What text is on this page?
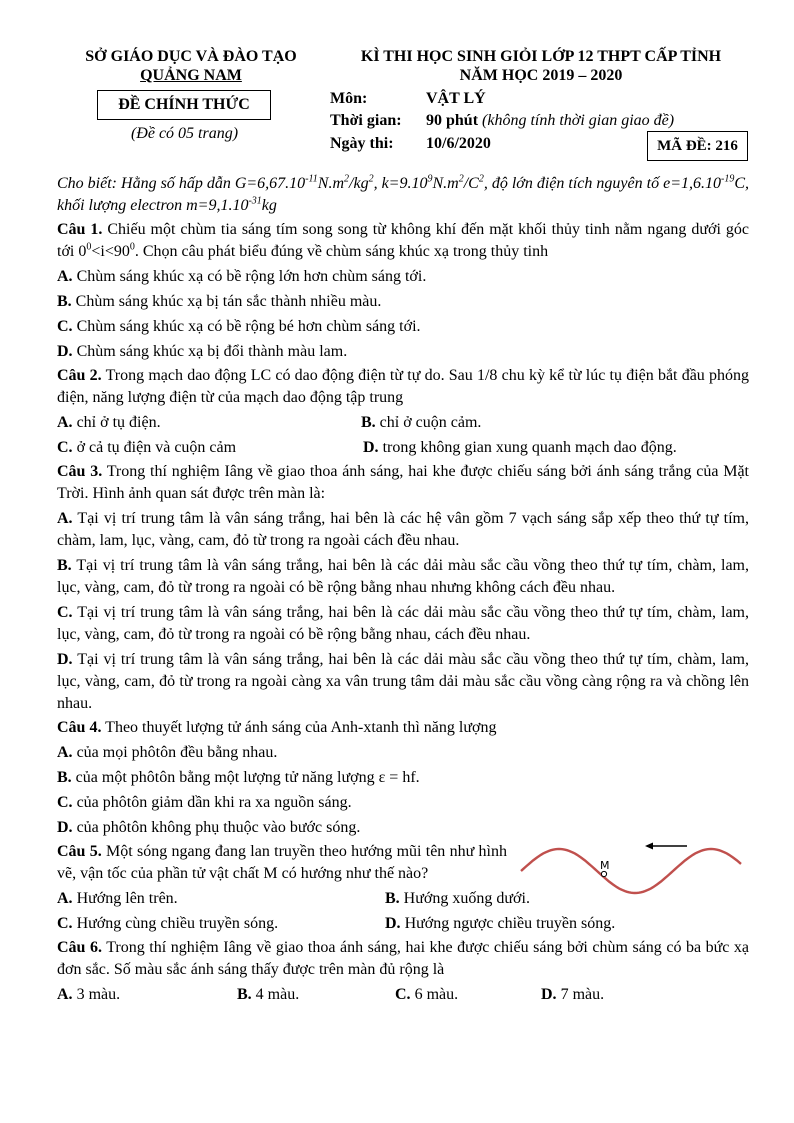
SỞ GIÁO DỤC VÀ ĐÀO TẠO
QUẢNG NAM
ĐỀ CHÍNH THỨC
(Đề có 05 trang)
KÌ THI HỌC SINH GIỎI LỚP 12 THPT CẤP TỈNH
NĂM HỌC 2019 – 2020
Môn:	VẬT LÝ
Thời gian: 90 phút (không tính thời gian giao đề)
Ngày thi: 10/6/2020	MÃ ĐỀ: 216
Cho biết: Hằng số hấp dẫn $G=6,67.10^{-11}N.m^2/kg^2$, $k=9.10^9N.m^2/C^2$, độ lớn điện tích nguyên tố $e=1,6.10^{-19}C$, khối lượng electron $m=9,1.10^{-31}kg$
Câu 1. Chiếu một chùm tia sáng tím song song từ không khí đến mặt khối thủy tinh nằm ngang dưới góc tới $0^0<i<90^0$. Chọn câu phát biểu đúng về chùm sáng khúc xạ trong thủy tinh
A. Chùm sáng khúc xạ có bề rộng lớn hơn chùm sáng tới.
B. Chùm sáng khúc xạ bị tán sắc thành nhiều màu.
C. Chùm sáng khúc xạ có bề rộng bé hơn chùm sáng tới.
D. Chùm sáng khúc xạ bị đổi thành màu lam.
Câu 2. Trong mạch dao động LC có dao động điện từ tự do. Sau 1/8 chu kỳ kể từ lúc tụ điện bắt đầu phóng điện, năng lượng điện từ của mạch dao động tập trung
A. chỉ ở tụ điện.	B. chỉ ở cuộn cảm.
C. ở cả tụ điện và cuộn cảm	D. trong không gian xung quanh mạch dao động.
Câu 3. Trong thí nghiệm Iâng về giao thoa ánh sáng, hai khe được chiếu sáng bởi ánh sáng trắng của Mặt Trời. Hình ảnh quan sát được trên màn là:
A. Tại vị trí trung tâm là vân sáng trắng, hai bên là các hệ vân gồm 7 vạch sáng sắp xếp theo thứ tự tím, chàm, lam, lục, vàng, cam, đỏ từ trong ra ngoài cách đều nhau.
B. Tại vị trí trung tâm là vân sáng trắng, hai bên là các dải màu sắc cầu vồng theo thứ tự tím, chàm, lam, lục, vàng, cam, đỏ từ trong ra ngoài có bề rộng bằng nhau nhưng không cách đều nhau.
C. Tại vị trí trung tâm là vân sáng trắng, hai bên là các dải màu sắc cầu vồng theo thứ tự tím, chàm, lam, lục, vàng, cam, đỏ từ trong ra ngoài có bề rộng bằng nhau, cách đều nhau.
D. Tại vị trí trung tâm là vân sáng trắng, hai bên là các dải màu sắc cầu vồng theo thứ tự tím, chàm, lam, lục, vàng, cam, đỏ từ trong ra ngoài càng xa vân trung tâm dải màu sắc cầu vồng càng rộng ra và chồng lên nhau.
Câu 4. Theo thuyết lượng tử ánh sáng của Anh-xtanh thì năng lượng
A. của mọi phôtôn đều bằng nhau.
B. của một phôtôn bằng một lượng tử năng lượng ε = hf.
C. của phôtôn giảm dần khi ra xa nguồn sáng.
D. của phôtôn không phụ thuộc vào bước sóng.
Câu 5. Một sóng ngang đang lan truyền theo hướng mũi tên như hình vẽ, vận tốc của phần tử vật chất M có hướng như thế nào?	M
A. Hướng lên trên.	B. Hướng xuống dưới.
C. Hướng cùng chiều truyền sóng.	D. Hướng ngược chiều truyền sóng.
Câu 6. Trong thí nghiệm Iâng về giao thoa ánh sáng, hai khe được chiếu sáng bởi chùm sáng có ba bức xạ đơn sắc. Số màu sắc ánh sáng thấy được trên màn đủ rộng là
A. 3 màu.	B. 4 màu.	C. 6 màu.	D. 7 màu.
